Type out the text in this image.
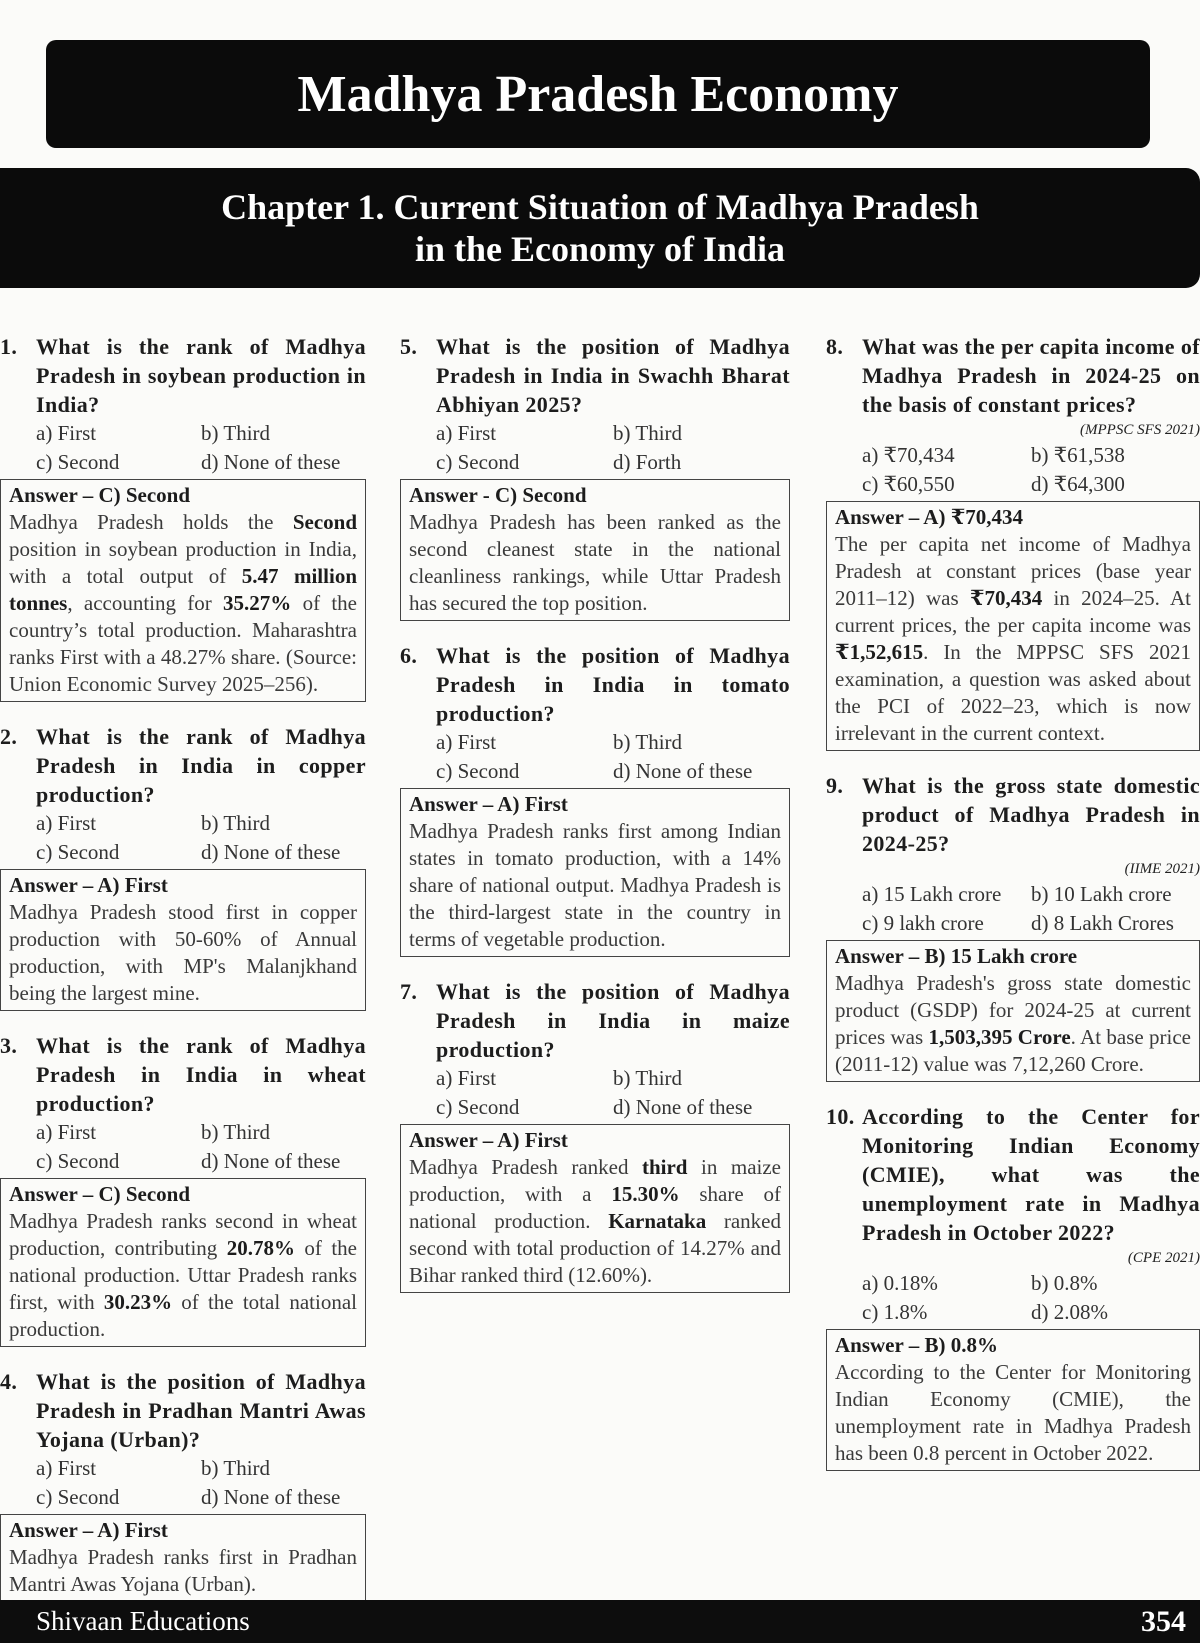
Madhya Pradesh Economy
Chapter 1. Current Situation of Madhya Pradesh
in the Economy of India
1. What is the rank of Madhya Pradesh in soybean production in India?
a) First	b) Third
c) Second	d) None of these
Answer – C) Second
Madhya Pradesh holds the Second position in soybean production in India, with a total output of 5.47 million tonnes, accounting for 35.27% of the country’s total production. Maharashtra ranks First with a 48.27% share. (Source: Union Economic Survey 2025–256).
2. What is the rank of Madhya Pradesh in India in copper production?
a) First	b) Third
c) Second	d) None of these
Answer – A) First
Madhya Pradesh stood first in copper production with 50-60% of Annual production, with MP's Malanjkhand being the largest mine.
3. What is the rank of Madhya Pradesh in India in wheat production?
a) First	b) Third
c) Second	d) None of these
Answer – C) Second
Madhya Pradesh ranks second in wheat production, contributing 20.78% of the national production. Uttar Pradesh ranks first, with 30.23% of the total national production.
4. What is the position of Madhya Pradesh in Pradhan Mantri Awas Yojana (Urban)?
a) First	b) Third
c) Second	d) None of these
Answer – A) First
Madhya Pradesh ranks first in Pradhan Mantri Awas Yojana (Urban).
5. What is the position of Madhya Pradesh in India in Swachh Bharat Abhiyan 2025?
a) First	b) Third
c) Second	d) Forth
Answer - C) Second
Madhya Pradesh has been ranked as the second cleanest state in the national cleanliness rankings, while Uttar Pradesh has secured the top position.
6. What is the position of Madhya Pradesh in India in tomato production?
a) First	b) Third
c) Second	d) None of these
Answer – A) First
Madhya Pradesh ranks first among Indian states in tomato production, with a 14% share of national output. Madhya Pradesh is the third-largest state in the country in terms of vegetable production.
7. What is the position of Madhya Pradesh in India in maize production?
a) First	b) Third
c) Second	d) None of these
Answer – A) First
Madhya Pradesh ranked third in maize production, with a 15.30% share of national production. Karnataka ranked second with total production of 14.27% and Bihar ranked third (12.60%).
8. What was the per capita income of Madhya Pradesh in 2024-25 on the basis of constant prices?
(MPPSC SFS 2021)
a) ₹70,434	b) ₹61,538
c) ₹60,550	d) ₹64,300
Answer – A) ₹70,434
The per capita net income of Madhya Pradesh at constant prices (base year 2011–12) was ₹70,434 in 2024–25. At current prices, the per capita income was ₹1,52,615. In the MPPSC SFS 2021 examination, a question was asked about the PCI of 2022–23, which is now irrelevant in the current context.
9. What is the gross state domestic product of Madhya Pradesh in 2024-25?
(IIME 2021)
a) 15 Lakh crore	b) 10 Lakh crore
c) 9 lakh crore	d) 8 Lakh Crores
Answer – B) 15 Lakh crore
Madhya Pradesh's gross state domestic product (GSDP) for 2024-25 at current prices was 1,503,395 Crore. At base price (2011-12) value was 7,12,260 Crore.
10. According to the Center for Monitoring Indian Economy (CMIE), what was the unemployment rate in Madhya Pradesh in October 2022?
(CPE 2021)
a) 0.18%	b) 0.8%
c) 1.8%	d) 2.08%
Answer – B) 0.8%
According to the Center for Monitoring Indian Economy (CMIE), the unemployment rate in Madhya Pradesh has been 0.8 percent in October 2022.
Shivaan Educations	354
